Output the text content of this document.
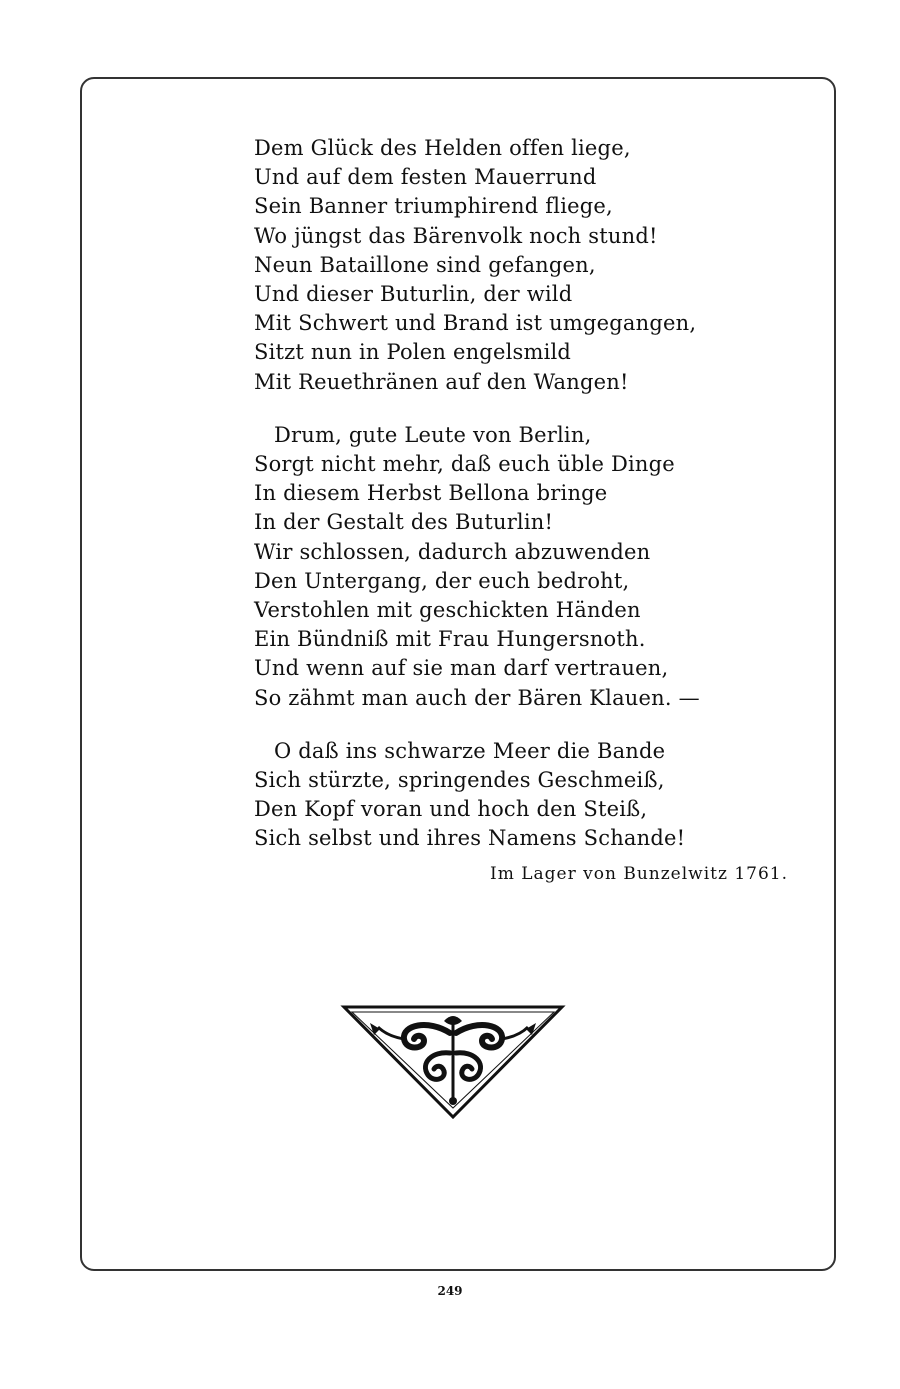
Dem Glück des Helden offen liege,
Und auf dem festen Mauerrund
Sein Banner triumphirend fliege,
Wo jüngst das Bärenvolk noch stund!
Neun Bataillone sind gefangen,
Und dieser Buturlin, der wild
Mit Schwert und Brand ist umgegangen,
Sitzt nun in Polen engelsmild
Mit Reuethränen auf den Wangen!
Drum, gute Leute von Berlin,
Sorgt nicht mehr, daß euch üble Dinge
In diesem Herbst Bellona bringe
In der Gestalt des Buturlin!
Wir schlossen, dadurch abzuwenden
Den Untergang, der euch bedroht,
Verstohlen mit geschickten Händen
Ein Bündniß mit Frau Hungersnoth.
Und wenn auf sie man darf vertrauen,
So zähmt man auch der Bären Klauen. —
O daß ins schwarze Meer die Bande
Sich stürzte, springendes Geschmeiß,
Den Kopf voran und hoch den Steiß,
Sich selbst und ihres Namens Schande!
Im Lager von Bunzelwitz 1761.
249
